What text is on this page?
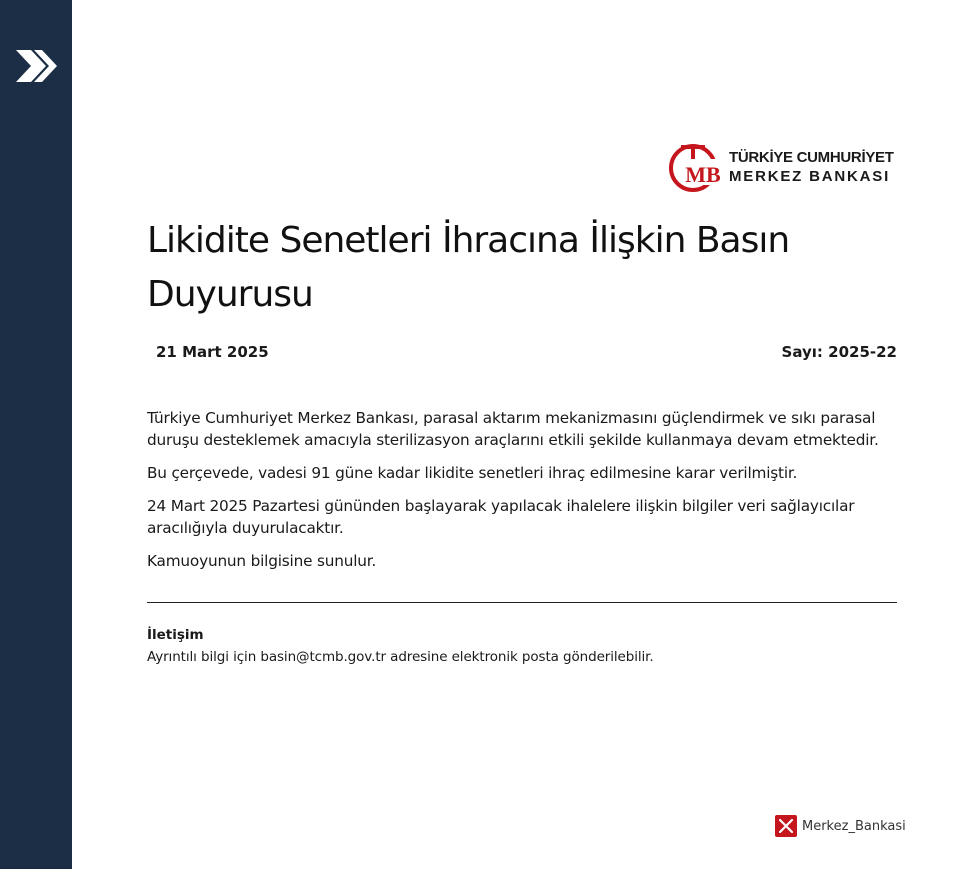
MB
TÜRKİYE CUMHURİYET
MERKEZ BANKASI
Likidite Senetleri İhracına İlişkin Basın Duyurusu
21 Mart 2025	Sayı: 2025-22

Türkiye Cumhuriyet Merkez Bankası, parasal aktarım mekanizmasını güçlendirmek ve sıkı parasal duruşu desteklemek amacıyla sterilizasyon araçlarını etkili şekilde kullanmaya devam etmektedir.

Bu çerçevede, vadesi 91 güne kadar likidite senetleri ihraç edilmesine karar verilmiştir.

24 Mart 2025 Pazartesi gününden başlayarak yapılacak ihalelere ilişkin bilgiler veri sağlayıcılar aracılığıyla duyurulacaktır.

Kamuoyunun bilgisine sunulur.

İletişim
Ayrıntılı bilgi için basin@tcmb.gov.tr adresine elektronik posta gönderilebilir.
Merkez_Bankasi
